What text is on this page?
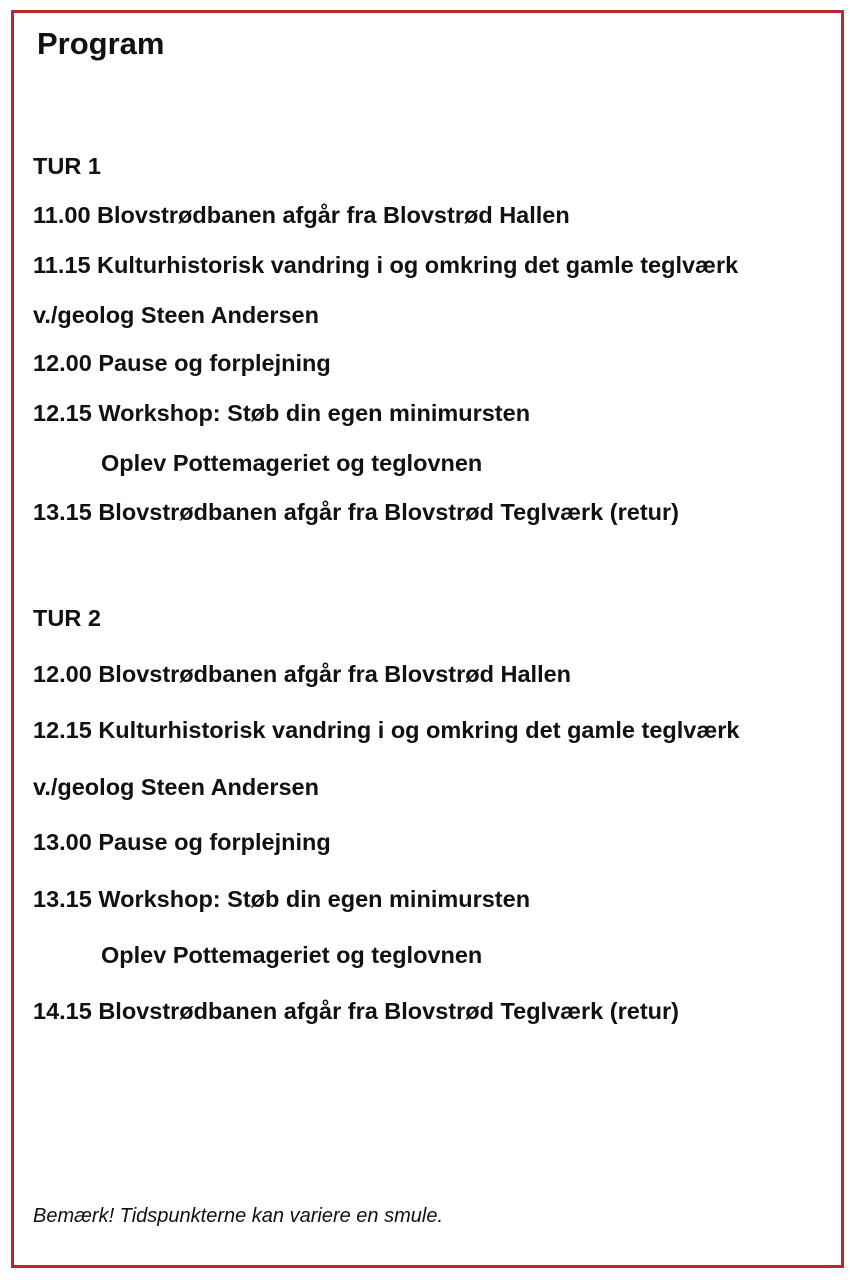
Program
TUR 1
11.00 Blovstrødbanen afgår fra Blovstrød Hallen
11.15 Kulturhistorisk vandring i og omkring det gamle teglværk
v./geolog Steen Andersen
12.00 Pause og forplejning
12.15 Workshop: Støb din egen minimursten
Oplev Pottemageriet og teglovnen
13.15 Blovstrødbanen afgår fra Blovstrød Teglværk (retur)
TUR 2
12.00 Blovstrødbanen afgår fra Blovstrød Hallen
12.15 Kulturhistorisk vandring i og omkring det gamle teglværk
v./geolog Steen Andersen
13.00 Pause og forplejning
13.15 Workshop: Støb din egen minimursten
Oplev Pottemageriet og teglovnen
14.15 Blovstrødbanen afgår fra Blovstrød Teglværk (retur)
Bemærk! Tidspunkterne kan variere en smule.
